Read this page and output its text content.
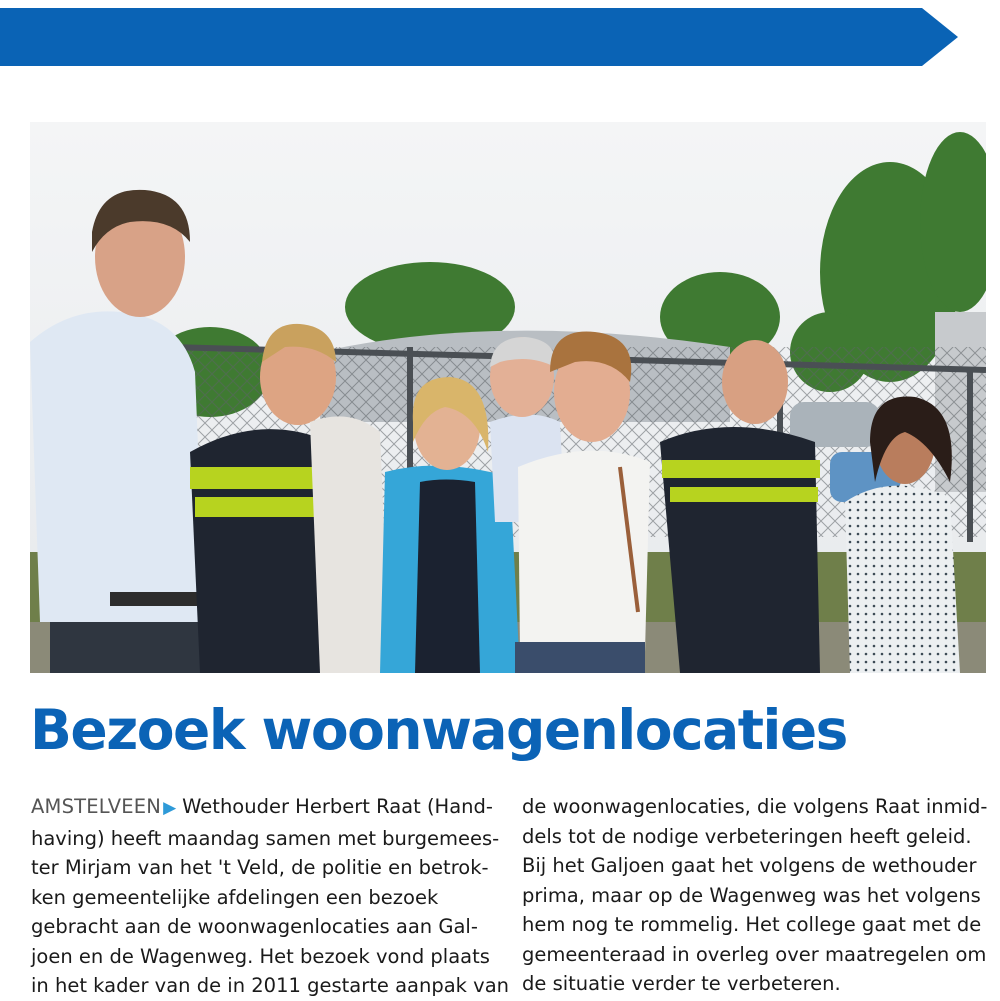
Bezoek woonwagenlocaties
AMSTELVEEN ▶ Wethouder Herbert Raat (Hand-
having) heeft maandag samen met burgemees-
ter Mirjam van het 't Veld, de politie en betrok-
ken gemeentelijke afdelingen een bezoek
gebracht aan de woonwagenlocaties aan Gal-
joen en de Wagenweg. Het bezoek vond plaats
in het kader van de in 2011 gestarte aanpak van
de woonwagenlocaties, die volgens Raat inmid-
dels tot de nodige verbeteringen heeft geleid.
Bij het Galjoen gaat het volgens de wethouder
prima, maar op de Wagenweg was het volgens
hem nog te rommelig. Het college gaat met de
gemeenteraad in overleg over maatregelen om
de situatie verder te verbeteren.
